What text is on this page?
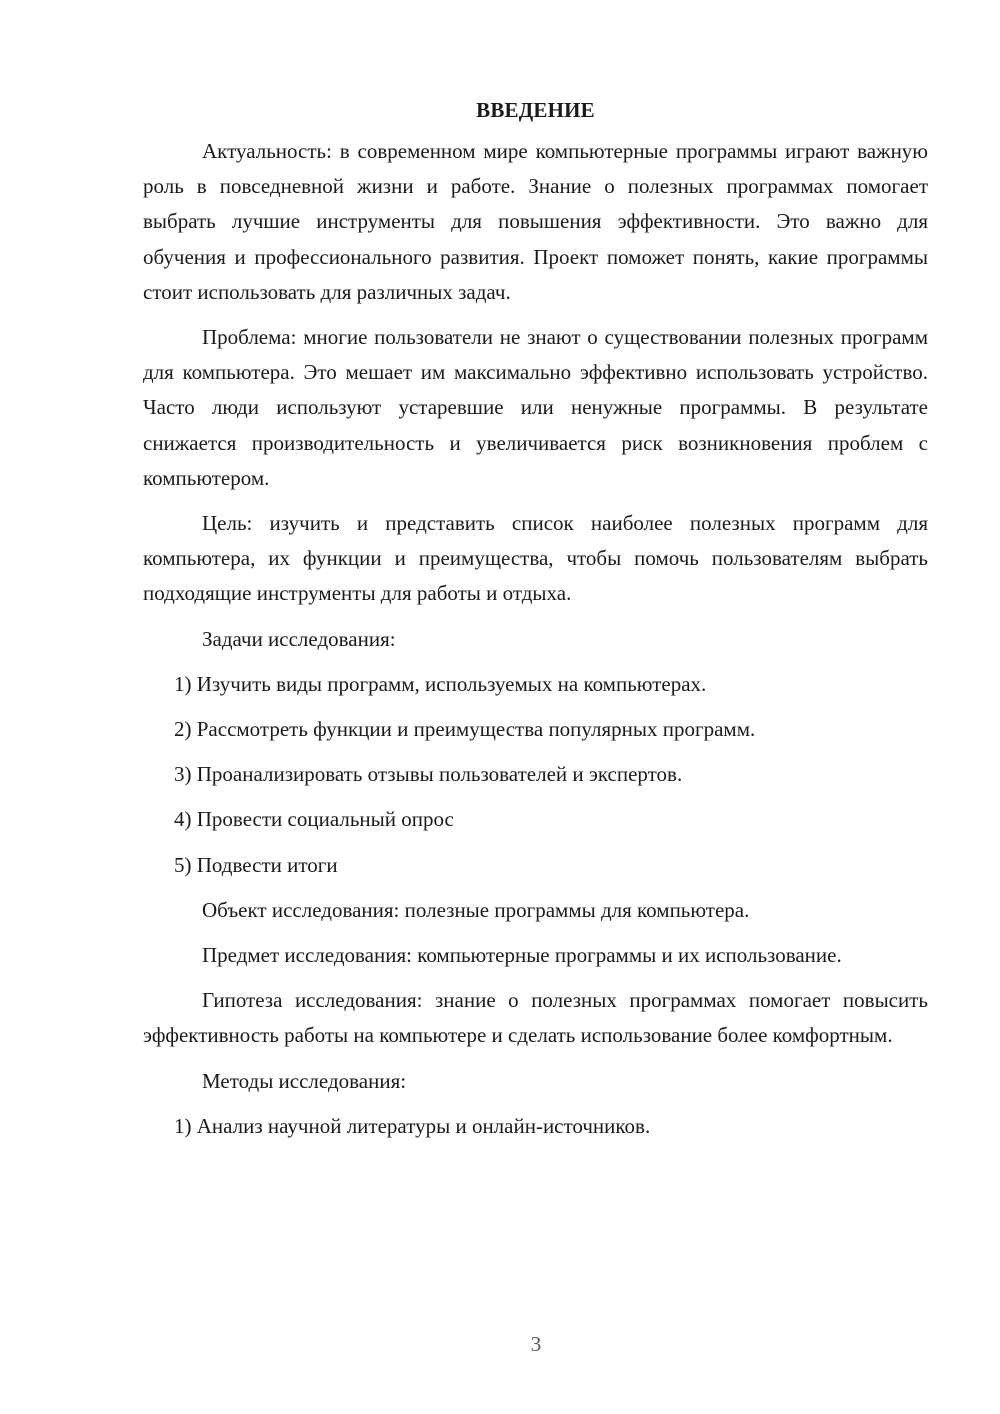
ВВЕДЕНИЕ

Актуальность: в современном мире компьютерные программы играют важную роль в повседневной жизни и работе. Знание о полезных программах помогает выбрать лучшие инструменты для повышения эффективности. Это важно для обучения и профессионального развития. Проект поможет понять, какие программы стоит использовать для различных задач.

Проблема: многие пользователи не знают о существовании полезных программ для компьютера. Это мешает им максимально эффективно использовать устройство. Часто люди используют устаревшие или ненужные программы. В результате снижается производительность и увеличивается риск возникновения проблем с компьютером.

Цель: изучить и представить список наиболее полезных программ для компьютера, их функции и преимущества, чтобы помочь пользователям выбрать подходящие инструменты для работы и отдыха.

Задачи исследования:

1) Изучить виды программ, используемых на компьютерах.

2) Рассмотреть функции и преимущества популярных программ.

3) Проанализировать отзывы пользователей и экспертов.

4) Провести социальный опрос

5) Подвести итоги

Объект исследования: полезные программы для компьютера.

Предмет исследования: компьютерные программы и их использование.

Гипотеза исследования: знание о полезных программах помогает повысить эффективность работы на компьютере и сделать использование более комфортным.

Методы исследования:

1) Анализ научной литературы и онлайн-источников.

3
